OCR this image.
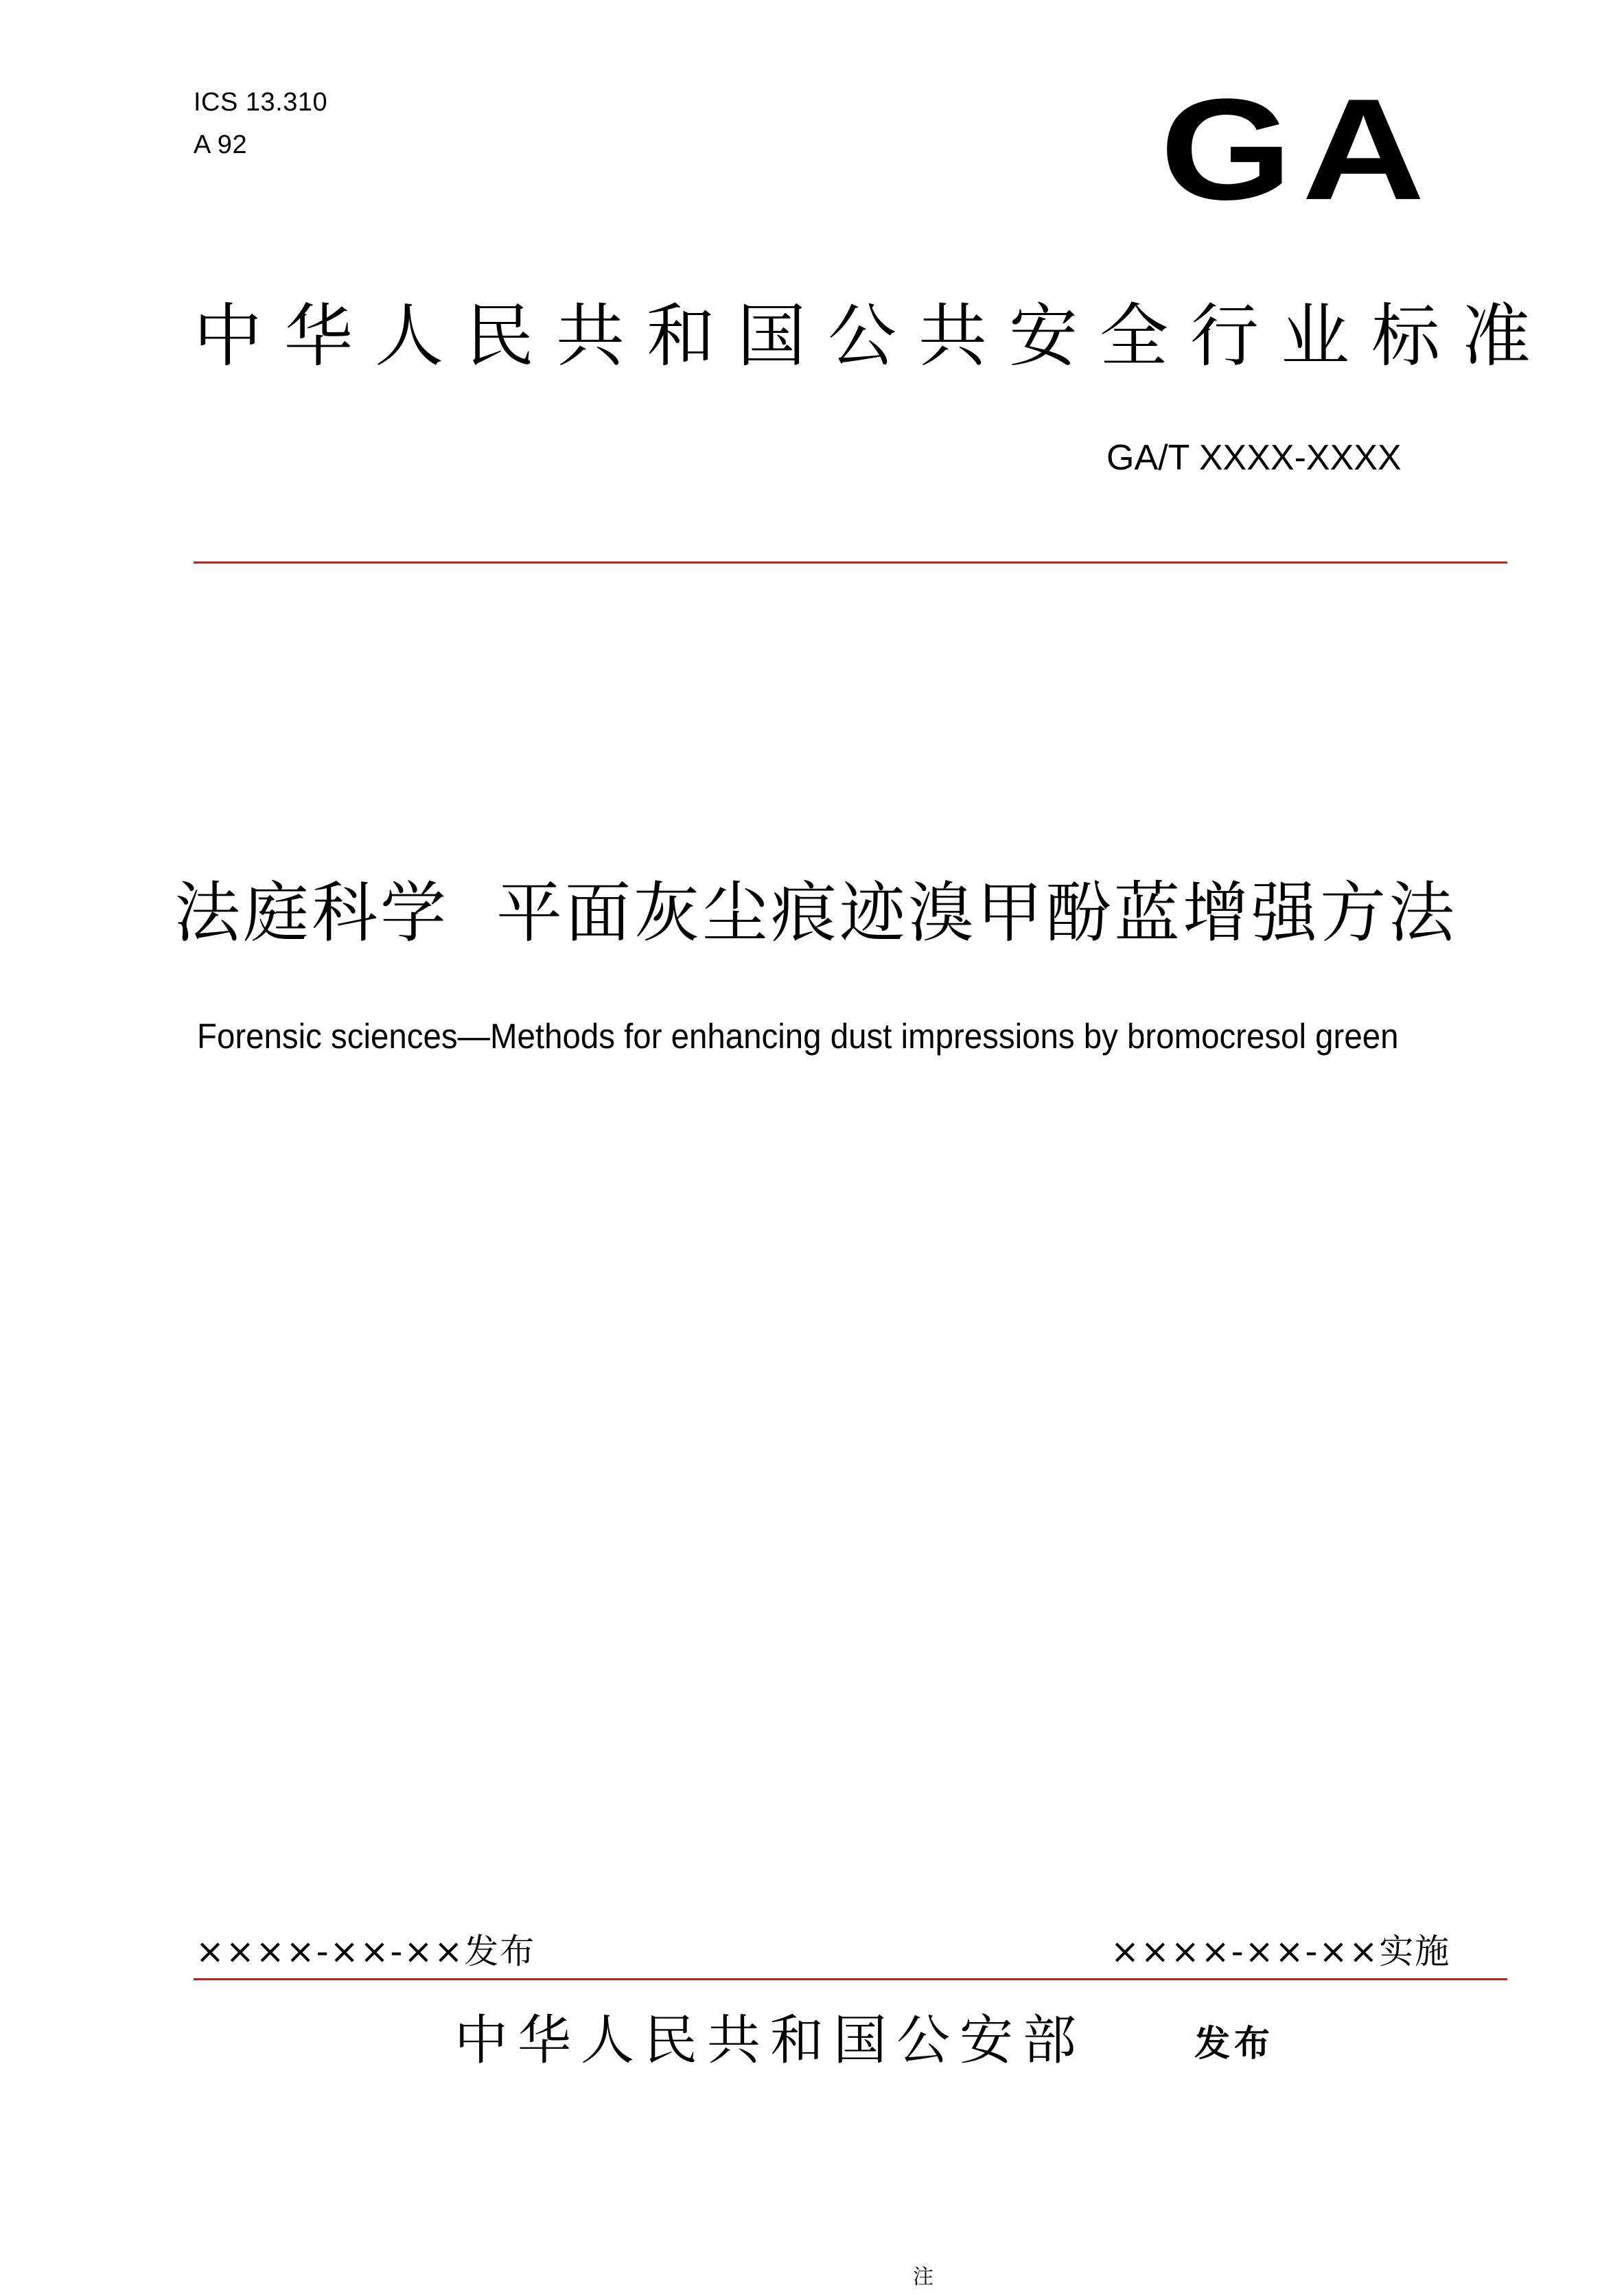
ICS 13.310
A 92	GA
中华人民共和国公共安全行业标准
GA/T XXXX-XXXX
法庭科学  平面灰尘痕迹溴甲酚蓝增强方法
Forensic sciences—Methods for enhancing dust impressions by bromocresol green
××××-××-××发布	××××-××-××实施
中华人民共和国公安部	发布
注
